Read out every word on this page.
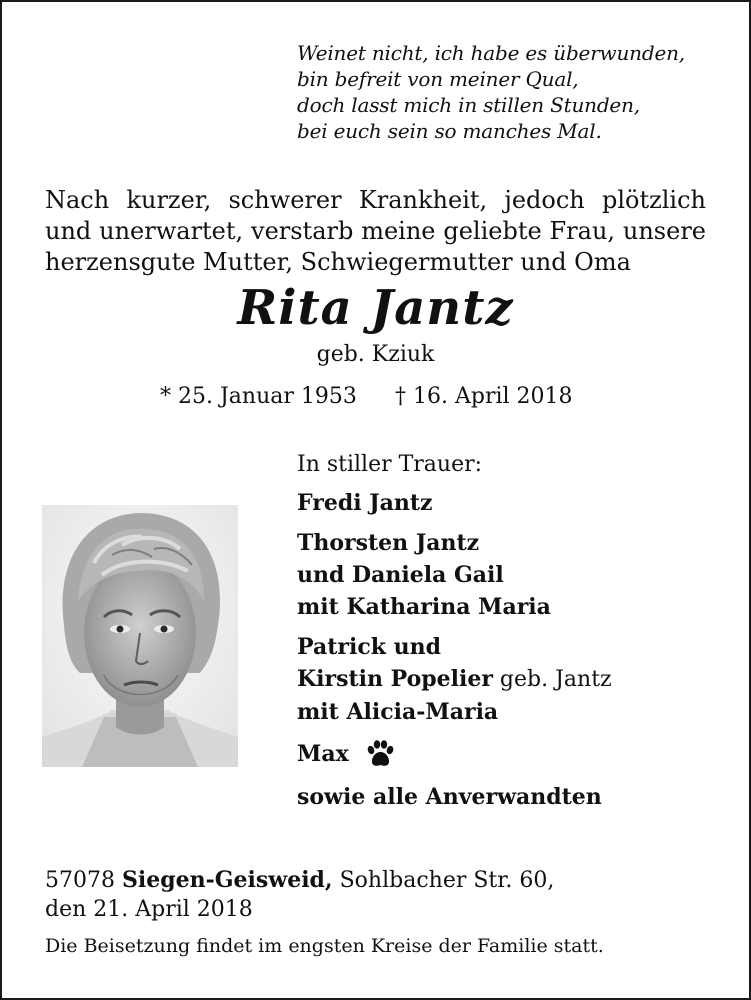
Weinet nicht, ich habe es überwunden,
bin befreit von meiner Qual,
doch lasst mich in stillen Stunden,
bei euch sein so manches Mal.
Nach kurzer, schwerer Krankheit, jedoch plötzlich
und unerwartet, verstarb meine geliebte Frau, unsere
herzensgute Mutter, Schwiegermutter und Oma
Rita Jantz
geb. Kziuk
* 25. Januar 1953 † 16. April 2018
In stiller Trauer:
Fredi Jantz
Thorsten Jantz
und Daniela Gail
mit Katharina Maria
Patrick und
Kirstin Popelier geb. Jantz
mit Alicia-Maria
Max
sowie alle Anverwandten
57078 Siegen-Geisweid, Sohlbacher Str. 60,
den 21. April 2018
Die Beisetzung findet im engsten Kreise der Familie statt.
